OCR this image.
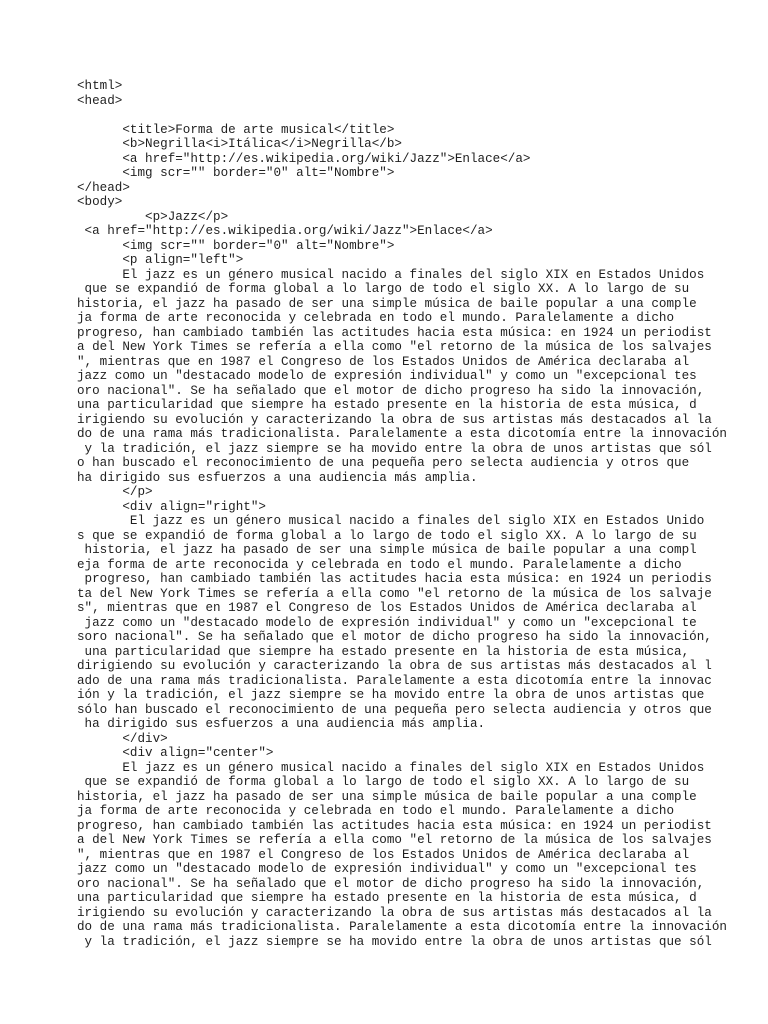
<html>
<head>
<title>Forma de arte musical</title>
<b>Negrilla<i>Itálica</i>Negrilla</b>
<a href="http://es.wikipedia.org/wiki/Jazz">Enlace</a>
<img scr="" border="0" alt="Nombre">
</head>
<body>
<p>Jazz</p>
<a href="http://es.wikipedia.org/wiki/Jazz">Enlace</a>
<img scr="" border="0" alt="Nombre">
<p align="left">
El jazz es un género musical nacido a finales del siglo XIX en Estados Unidos
que se expandió de forma global a lo largo de todo el siglo XX. A lo largo de su
historia, el jazz ha pasado de ser una simple música de baile popular a una comple
ja forma de arte reconocida y celebrada en todo el mundo. Paralelamente a dicho
progreso, han cambiado también las actitudes hacia esta música: en 1924 un periodist
a del New York Times se refería a ella como "el retorno de la música de los salvajes
", mientras que en 1987 el Congreso de los Estados Unidos de América declaraba al
jazz como un "destacado modelo de expresión individual" y como un "excepcional tes
oro nacional". Se ha señalado que el motor de dicho progreso ha sido la innovación,
una particularidad que siempre ha estado presente en la historia de esta música, d
irigiendo su evolución y caracterizando la obra de sus artistas más destacados al la
do de una rama más tradicionalista. Paralelamente a esta dicotomía entre la innovación
y la tradición, el jazz siempre se ha movido entre la obra de unos artistas que sól
o han buscado el reconocimiento de una pequeña pero selecta audiencia y otros que
ha dirigido sus esfuerzos a una audiencia más amplia.
</p>
<div align="right">
El jazz es un género musical nacido a finales del siglo XIX en Estados Unido
s que se expandió de forma global a lo largo de todo el siglo XX. A lo largo de su
historia, el jazz ha pasado de ser una simple música de baile popular a una compl
eja forma de arte reconocida y celebrada en todo el mundo. Paralelamente a dicho
progreso, han cambiado también las actitudes hacia esta música: en 1924 un periodis
ta del New York Times se refería a ella como "el retorno de la música de los salvaje
s", mientras que en 1987 el Congreso de los Estados Unidos de América declaraba al
jazz como un "destacado modelo de expresión individual" y como un "excepcional te
soro nacional". Se ha señalado que el motor de dicho progreso ha sido la innovación,
una particularidad que siempre ha estado presente en la historia de esta música,
dirigiendo su evolución y caracterizando la obra de sus artistas más destacados al l
ado de una rama más tradicionalista. Paralelamente a esta dicotomía entre la innovac
ión y la tradición, el jazz siempre se ha movido entre la obra de unos artistas que
sólo han buscado el reconocimiento de una pequeña pero selecta audiencia y otros que
ha dirigido sus esfuerzos a una audiencia más amplia.
</div>
<div align="center">
El jazz es un género musical nacido a finales del siglo XIX en Estados Unidos
que se expandió de forma global a lo largo de todo el siglo XX. A lo largo de su
historia, el jazz ha pasado de ser una simple música de baile popular a una comple
ja forma de arte reconocida y celebrada en todo el mundo. Paralelamente a dicho
progreso, han cambiado también las actitudes hacia esta música: en 1924 un periodist
a del New York Times se refería a ella como "el retorno de la música de los salvajes
", mientras que en 1987 el Congreso de los Estados Unidos de América declaraba al
jazz como un "destacado modelo de expresión individual" y como un "excepcional tes
oro nacional". Se ha señalado que el motor de dicho progreso ha sido la innovación,
una particularidad que siempre ha estado presente en la historia de esta música, d
irigiendo su evolución y caracterizando la obra de sus artistas más destacados al la
do de una rama más tradicionalista. Paralelamente a esta dicotomía entre la innovación
y la tradición, el jazz siempre se ha movido entre la obra de unos artistas que sól
